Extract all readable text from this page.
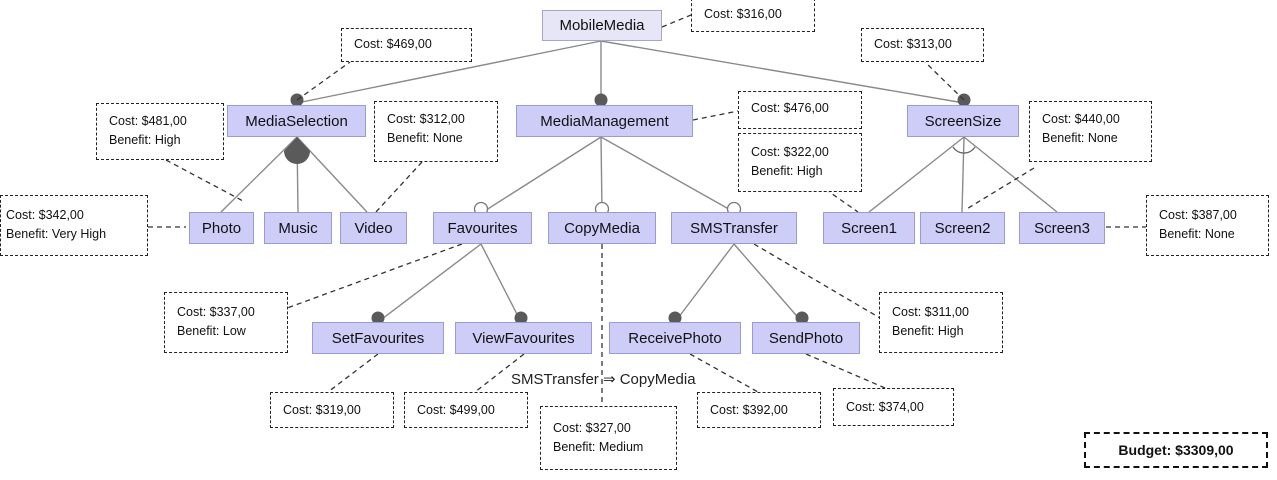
MobileMedia
MediaSelection	MediaManagement	ScreenSize
Photo	Music	Video	Favourites	CopyMedia	SMSTransfer	Screen1	Screen2	Screen3
SetFavourites	ViewFavourites	ReceivePhoto	SendPhoto
Cost: $316,00
Cost: $469,00	Cost: $313,00
Cost: $481,00
Benefit: High
Cost: $312,00
Benefit: None
Cost: $476,00
Cost: $322,00
Benefit: High
Cost: $440,00
Benefit: None
Cost: $342,00
Benefit: Very High
Cost: $387,00
Benefit: None
Cost: $337,00
Benefit: Low
Cost: $311,00
Benefit: High
Cost: $319,00	Cost: $499,00
Cost: $327,00
Benefit: Medium
Cost: $392,00	Cost: $374,00
SMSTransfer ⇒ CopyMedia
Budget: $3309,00
